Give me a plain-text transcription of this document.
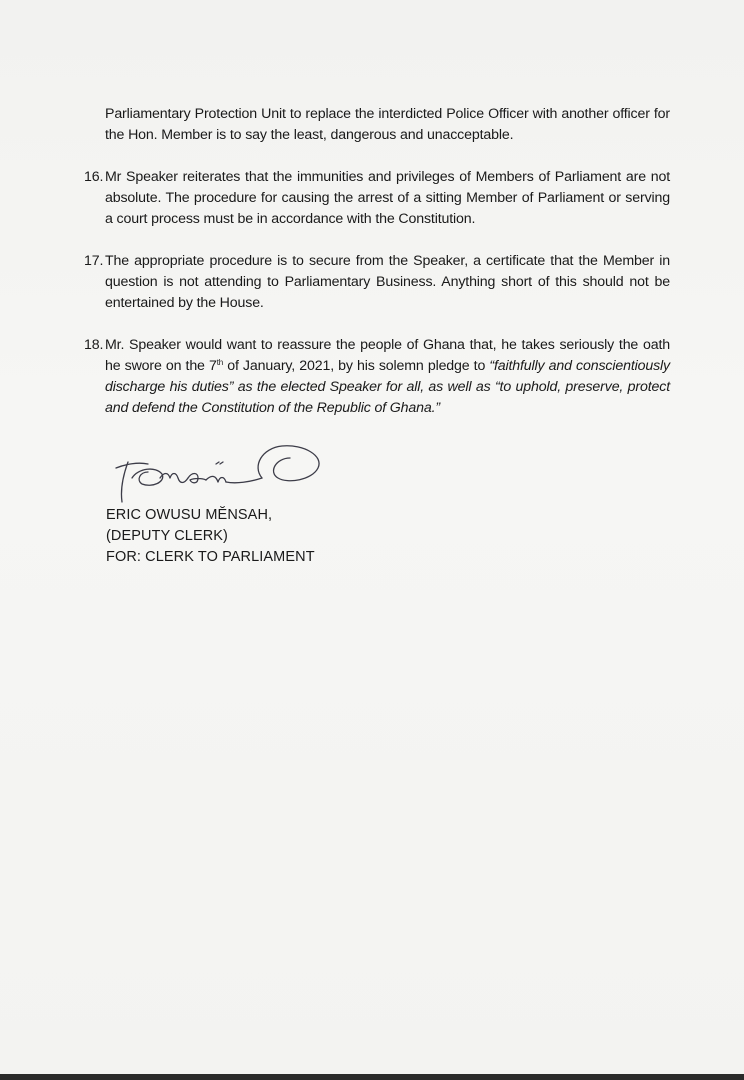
Parliamentary Protection Unit to replace the interdicted Police Officer with another officer for the Hon. Member is to say the least, dangerous and unacceptable.

16. Mr Speaker reiterates that the immunities and privileges of Members of Parliament are not absolute. The procedure for causing the arrest of a sitting Member of Parliament or serving a court process must be in accordance with the Constitution.
17. The appropriate procedure is to secure from the Speaker, a certificate that the Member in question is not attending to Parliamentary Business. Anything short of this should not be entertained by the House.
18. Mr. Speaker would want to reassure the people of Ghana that, he takes seriously the oath he swore on the 7th of January, 2021, by his solemn pledge to “faithfully and conscientiously discharge his duties” as the elected Speaker for all, as well as “to uphold, preserve, protect and defend the Constitution of the Republic of Ghana.”
ERIC OWUSU MĔNSAH,
(DEPUTY CLERK)
FOR: CLERK TO PARLIAMENT
